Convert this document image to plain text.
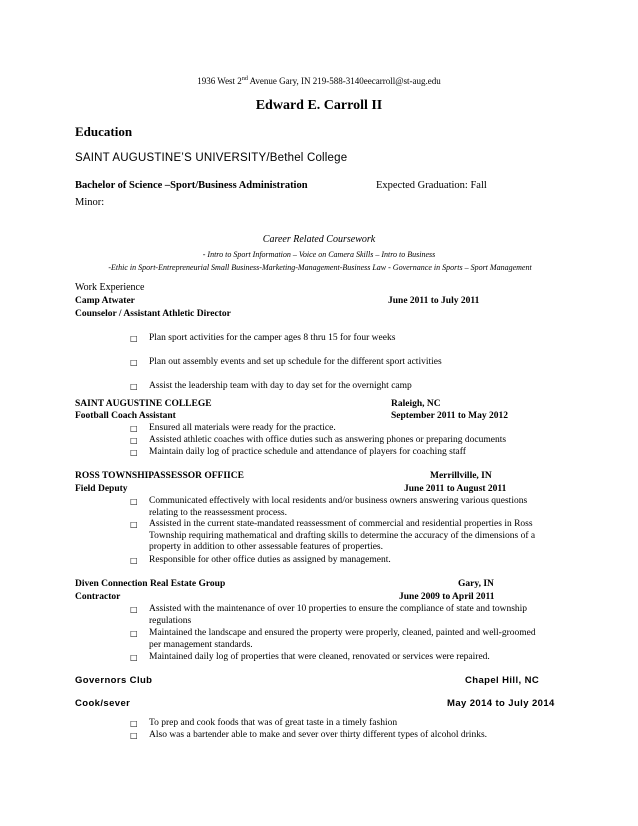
1936 West 2nd Avenue Gary, IN 219-588-3140eecarroll@st-aug.edu
Edward E. Carroll II
Education
SAINT AUGUSTINE’S UNIVERSITY/Bethel College
Bachelor of Science –Sport/Business Administration	Expected Graduation: Fall
Minor:
Career Related Coursework
- Intro to Sport Information – Voice on Camera Skills – Intro to Business
-Ethic in Sport-Entrepreneurial Small Business-Marketing-Management-Business Law - Governance in Sports – Sport Management
Work Experience
Camp Atwater	June 2011 to July 2011
Counselor / Assistant Athletic Director
□ Plan sport activities for the camper ages 8 thru 15 for four weeks
□ Plan out assembly events and set up schedule for the different sport activities
□ Assist the leadership team with day to day set for the overnight camp
SAINT AUGUSTINE COLLEGE	Raleigh, NC
Football Coach Assistant	September 2011 to May 2012
□ Ensured all materials were ready for the practice.
□ Assisted athletic coaches with office duties such as answering phones or preparing documents
□ Maintain daily log of practice schedule and attendance of players for coaching staff
ROSS TOWNSHIPASSESSOR OFFIICE	Merrillville, IN
Field Deputy	June 2011 to August 2011
□ Communicated effectively with local residents and/or business owners answering various questions relating to the reassessment process.
□ Assisted in the current state-mandated reassessment of commercial and residential properties in Ross Township requiring mathematical and drafting skills to determine the accuracy of the dimensions of a property in addition to other assessable features of properties.
□ Responsible for other office duties as assigned by management.
Diven Connection Real Estate Group	Gary, IN
Contractor	June 2009 to April 2011
□ Assisted with the maintenance of over 10 properties to ensure the compliance of state and township regulations
□ Maintained the landscape and ensured the property were properly, cleaned, painted and well-groomed per management standards.
□ Maintained daily log of properties that were cleaned, renovated or services were repaired.
Governors Club	Chapel Hill, NC
Cook/sever	May 2014 to July 2014
□ To prep and cook foods that was of great taste in a timely fashion
□ Also was a bartender able to make and sever over thirty different types of alcohol drinks.
